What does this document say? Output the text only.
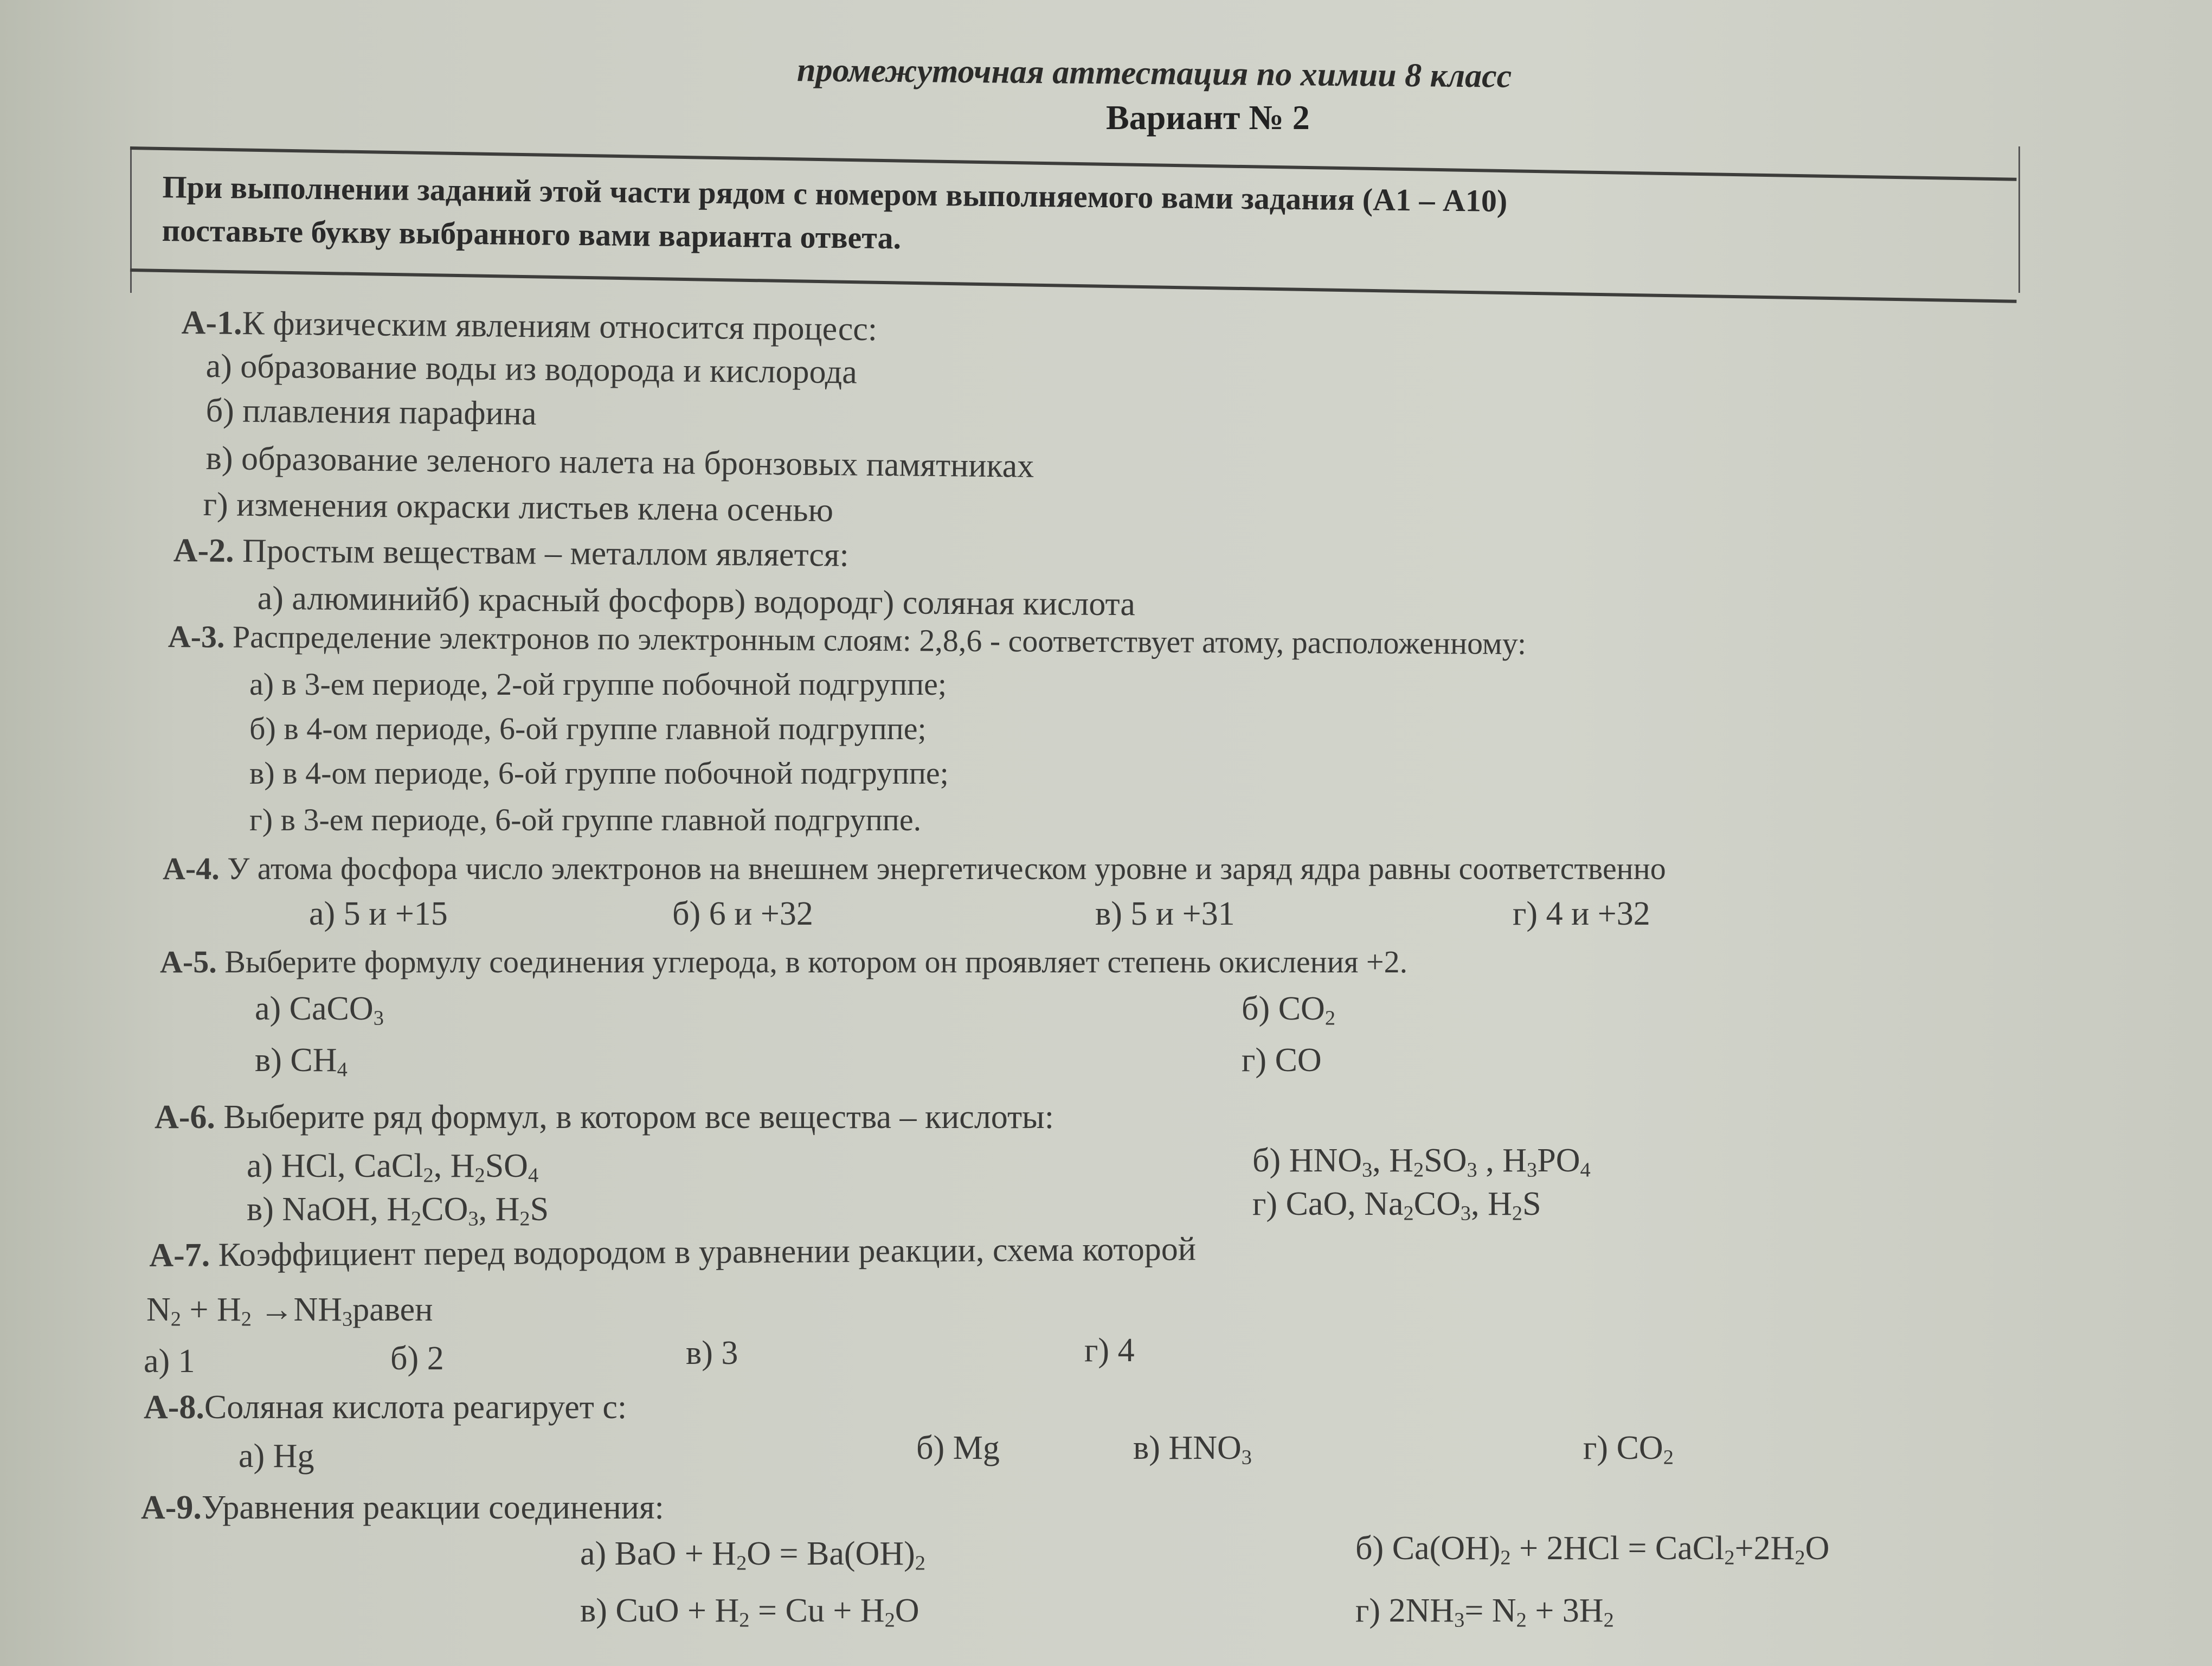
промежуточная аттестация по химии 8 класс
Вариант № 2
При выполнении заданий этой части рядом с номером выполняемого вами задания (А1 – А10)
поставьте букву выбранного вами варианта ответа.
А-1.К физическим явлениям относится процесс:
а) образование воды из водорода и кислорода
б) плавления парафина
в) образование зеленого налета на бронзовых памятниках
г) изменения окраски листьев клена осенью
А-2. Простым веществам – металлом является:
а) алюминийб) красный фосфорв) водородг) соляная кислота
А-3. Распределение электронов по электронным слоям: 2,8,6 - соответствует атому, расположенному:
а) в 3-ем периоде, 2-ой группе побочной подгруппе;
б) в 4-ом периоде, 6-ой группе главной подгруппе;
в) в 4-ом периоде, 6-ой группе побочной подгруппе;
г) в 3-ем периоде, 6-ой группе главной подгруппе.
А-4. У атома фосфора число электронов на внешнем энергетическом уровне и заряд ядра равны соответственно
а) 5 и +15	б) 6 и +32	в) 5 и +31	г) 4 и +32
А-5. Выберите формулу соединения углерода, в котором он проявляет степень окисления +2.
а) CaCO$_3$	б) $CO_2$
в) $CH_4$	г) CO
А-6. Выберите ряд формул, в котором все вещества – кислоты:
а) HCl, CaCl$_2$, $H_2SO_4$	б) $HNO_3$, $H_2SO_3$ , $H_3PO_4$
в) NaOH, $H_2CO_3$, $H_2S$	г) CaO, $Na_2CO_3$, $H_2S$
А-7. Коэффициент перед водородом в уравнении реакции, схема которой
$N_2 + H_2$ $\to NH_3равен$
а) 1	б) 2	в) 3	г) 4
А-8.Соляная кислота реагирует с:
а) Hg	б) Mg	в) $HNO_3$	г) $CO_2$
А-9.Уравнения реакции соединения:
а) BaO + $H_2O = Ba(OH)_2$	б) $Ca(OH)_2 + 2HCl$ = $CaCl_2+2H_2O$
в) CuO + $H_2 = Cu + H_2O$	г) $2NH_3= N_2 + 3H_2$
